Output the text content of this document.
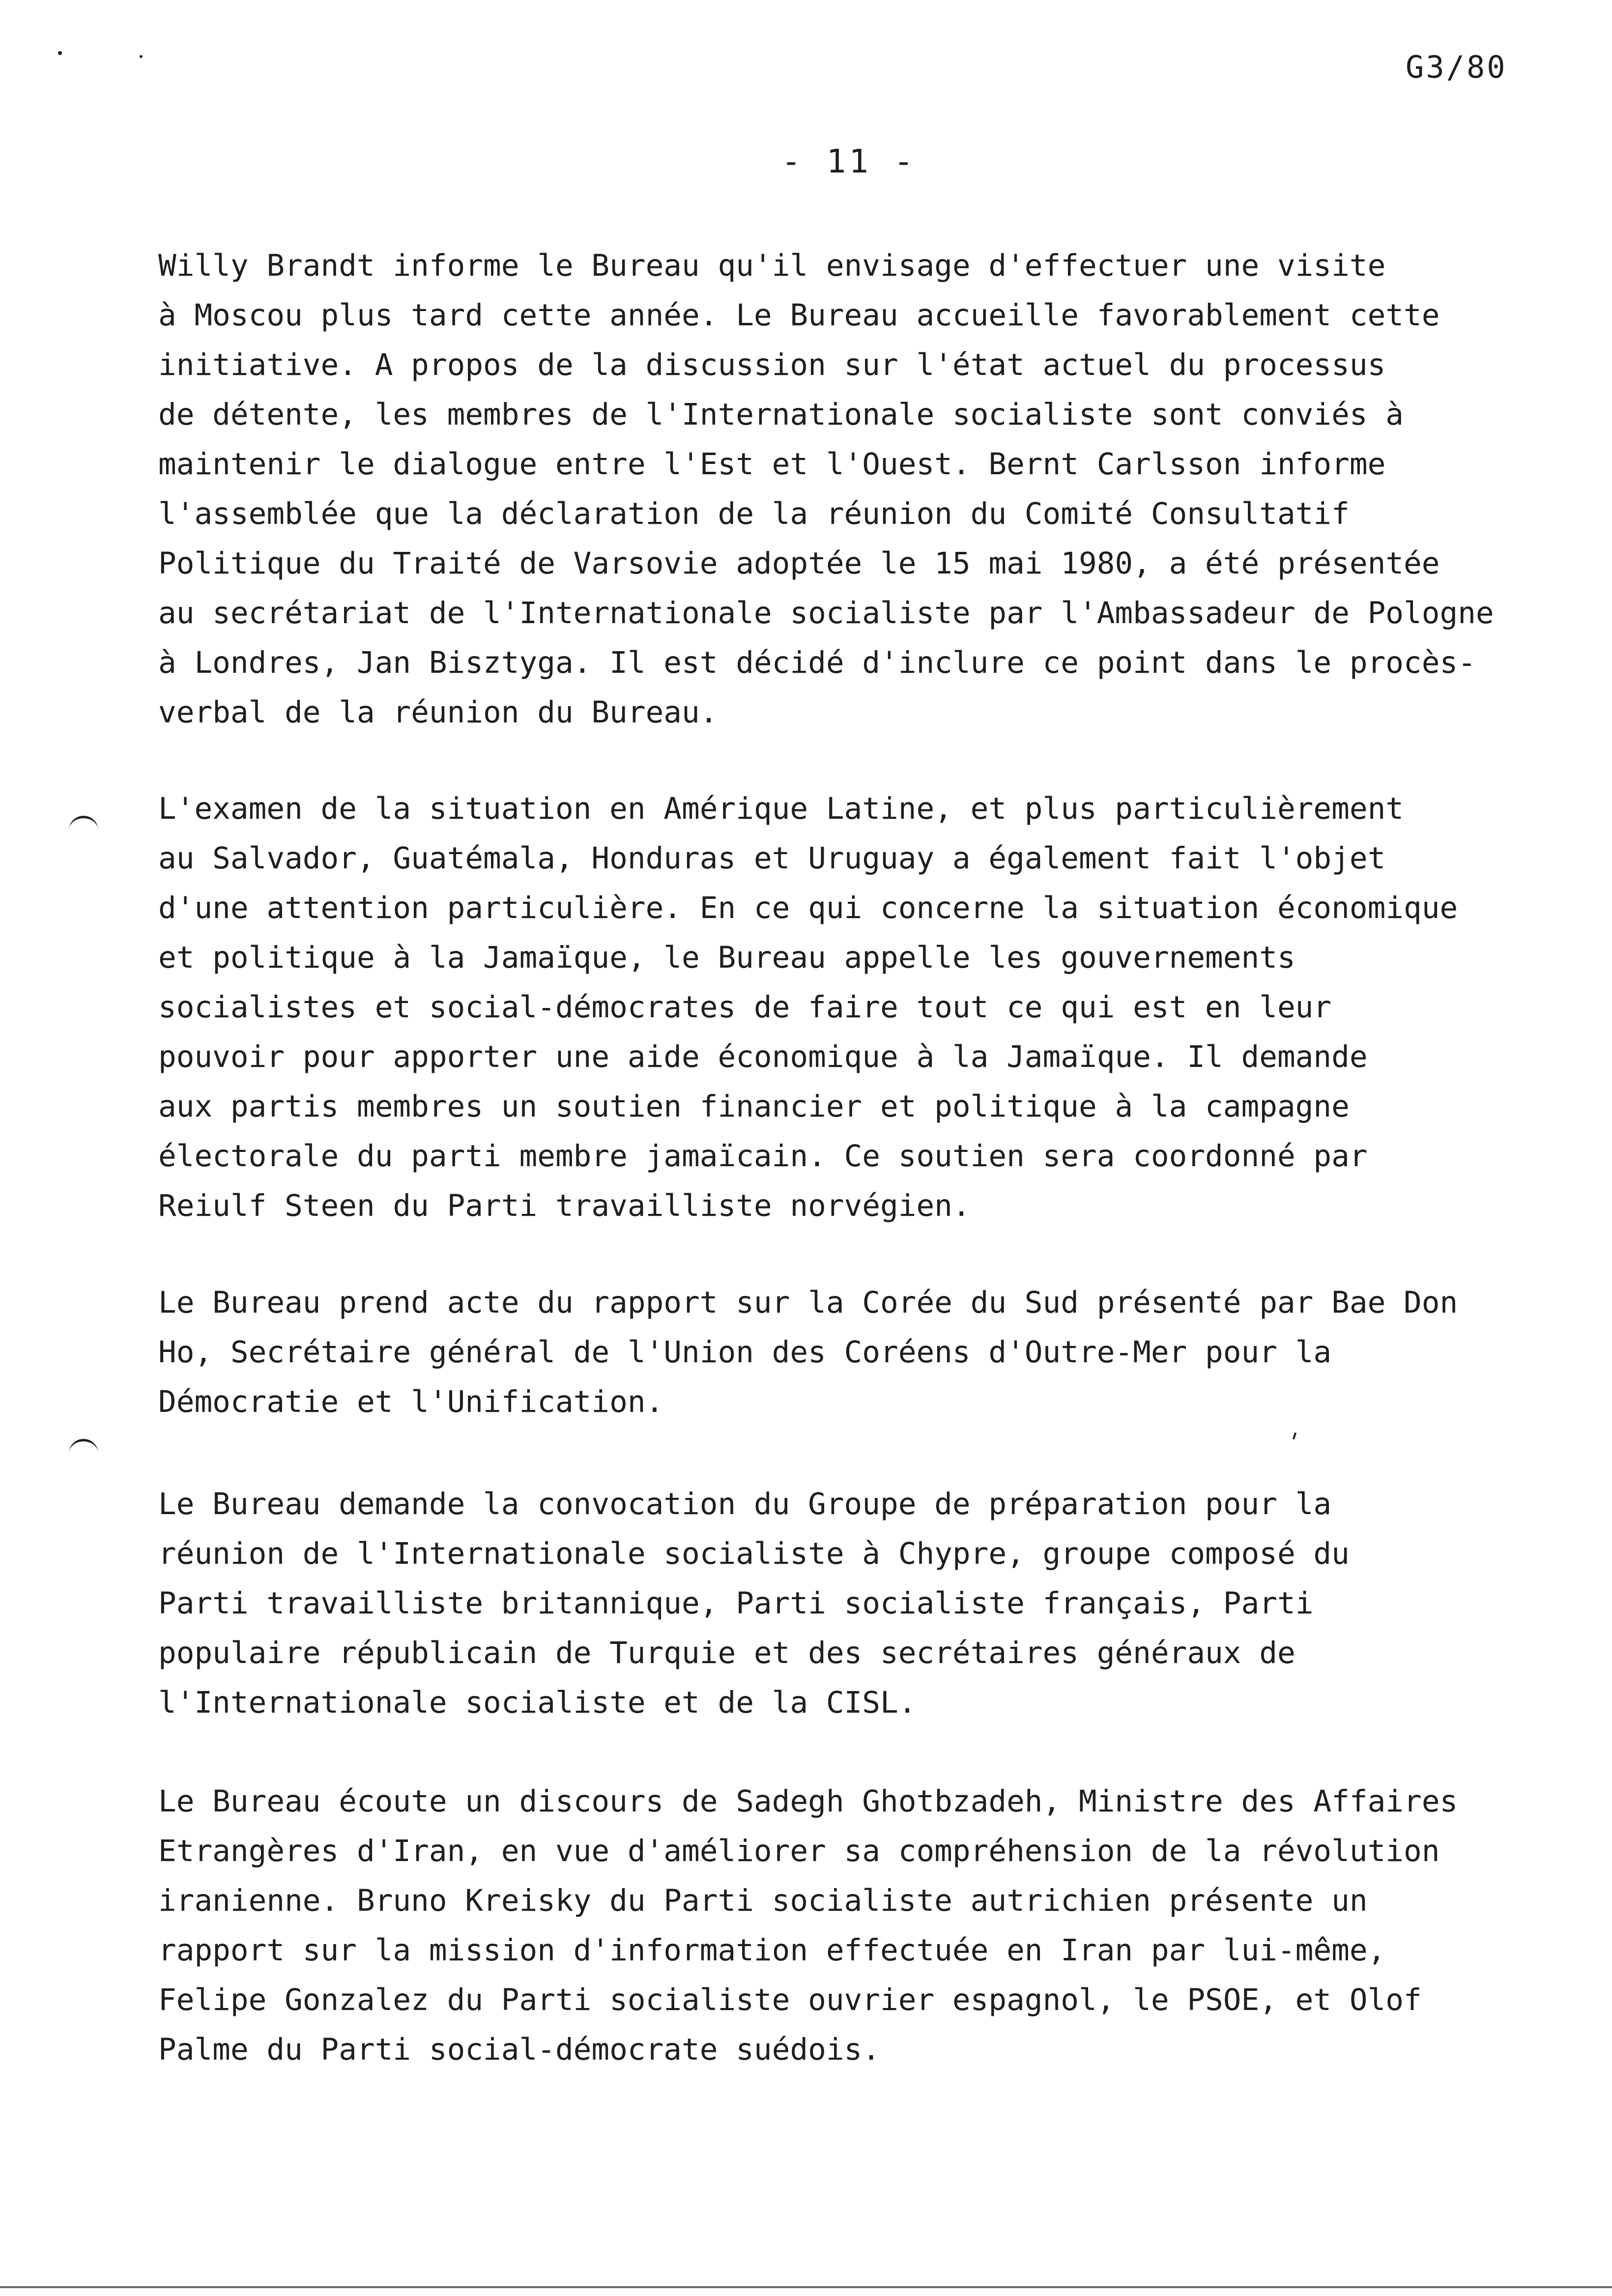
G3/80
- 11 -
Willy Brandt informe le Bureau qu'il envisage d'effectuer une visite
à Moscou plus tard cette année. Le Bureau accueille favorablement cette
initiative. A propos de la discussion sur l'état actuel du processus
de détente, les membres de l'Internationale socialiste sont conviés à
maintenir le dialogue entre l'Est et l'Ouest. Bernt Carlsson informe
l'assemblée que la déclaration de la réunion du Comité Consultatif
Politique du Traité de Varsovie adoptée le 15 mai 1980, a été présentée
au secrétariat de l'Internationale socialiste par l'Ambassadeur de Pologne
à Londres, Jan Bisztyga. Il est décidé d'inclure ce point dans le procès-
verbal de la réunion du Bureau.
L'examen de la situation en Amérique Latine, et plus particulièrement
au Salvador, Guatémala, Honduras et Uruguay a également fait l'objet
d'une attention particulière. En ce qui concerne la situation économique
et politique à la Jamaïque, le Bureau appelle les gouvernements
socialistes et social-démocrates de faire tout ce qui est en leur
pouvoir pour apporter une aide économique à la Jamaïque. Il demande
aux partis membres un soutien financier et politique à la campagne
électorale du parti membre jamaïcain. Ce soutien sera coordonné par
Reiulf Steen du Parti travailliste norvégien.
Le Bureau prend acte du rapport sur la Corée du Sud présenté par Bae Don
Ho, Secrétaire général de l'Union des Coréens d'Outre-Mer pour la
Démocratie et l'Unification.
Le Bureau demande la convocation du Groupe de préparation pour la
réunion de l'Internationale socialiste à Chypre, groupe composé du
Parti travailliste britannique, Parti socialiste français, Parti
populaire républicain de Turquie et des secrétaires généraux de
l'Internationale socialiste et de la CISL.
Le Bureau écoute un discours de Sadegh Ghotbzadeh, Ministre des Affaires
Etrangères d'Iran, en vue d'améliorer sa compréhension de la révolution
iranienne. Bruno Kreisky du Parti socialiste autrichien présente un
rapport sur la mission d'information effectuée en Iran par lui-même,
Felipe Gonzalez du Parti socialiste ouvrier espagnol, le PSOE, et Olof
Palme du Parti social-démocrate suédois.
